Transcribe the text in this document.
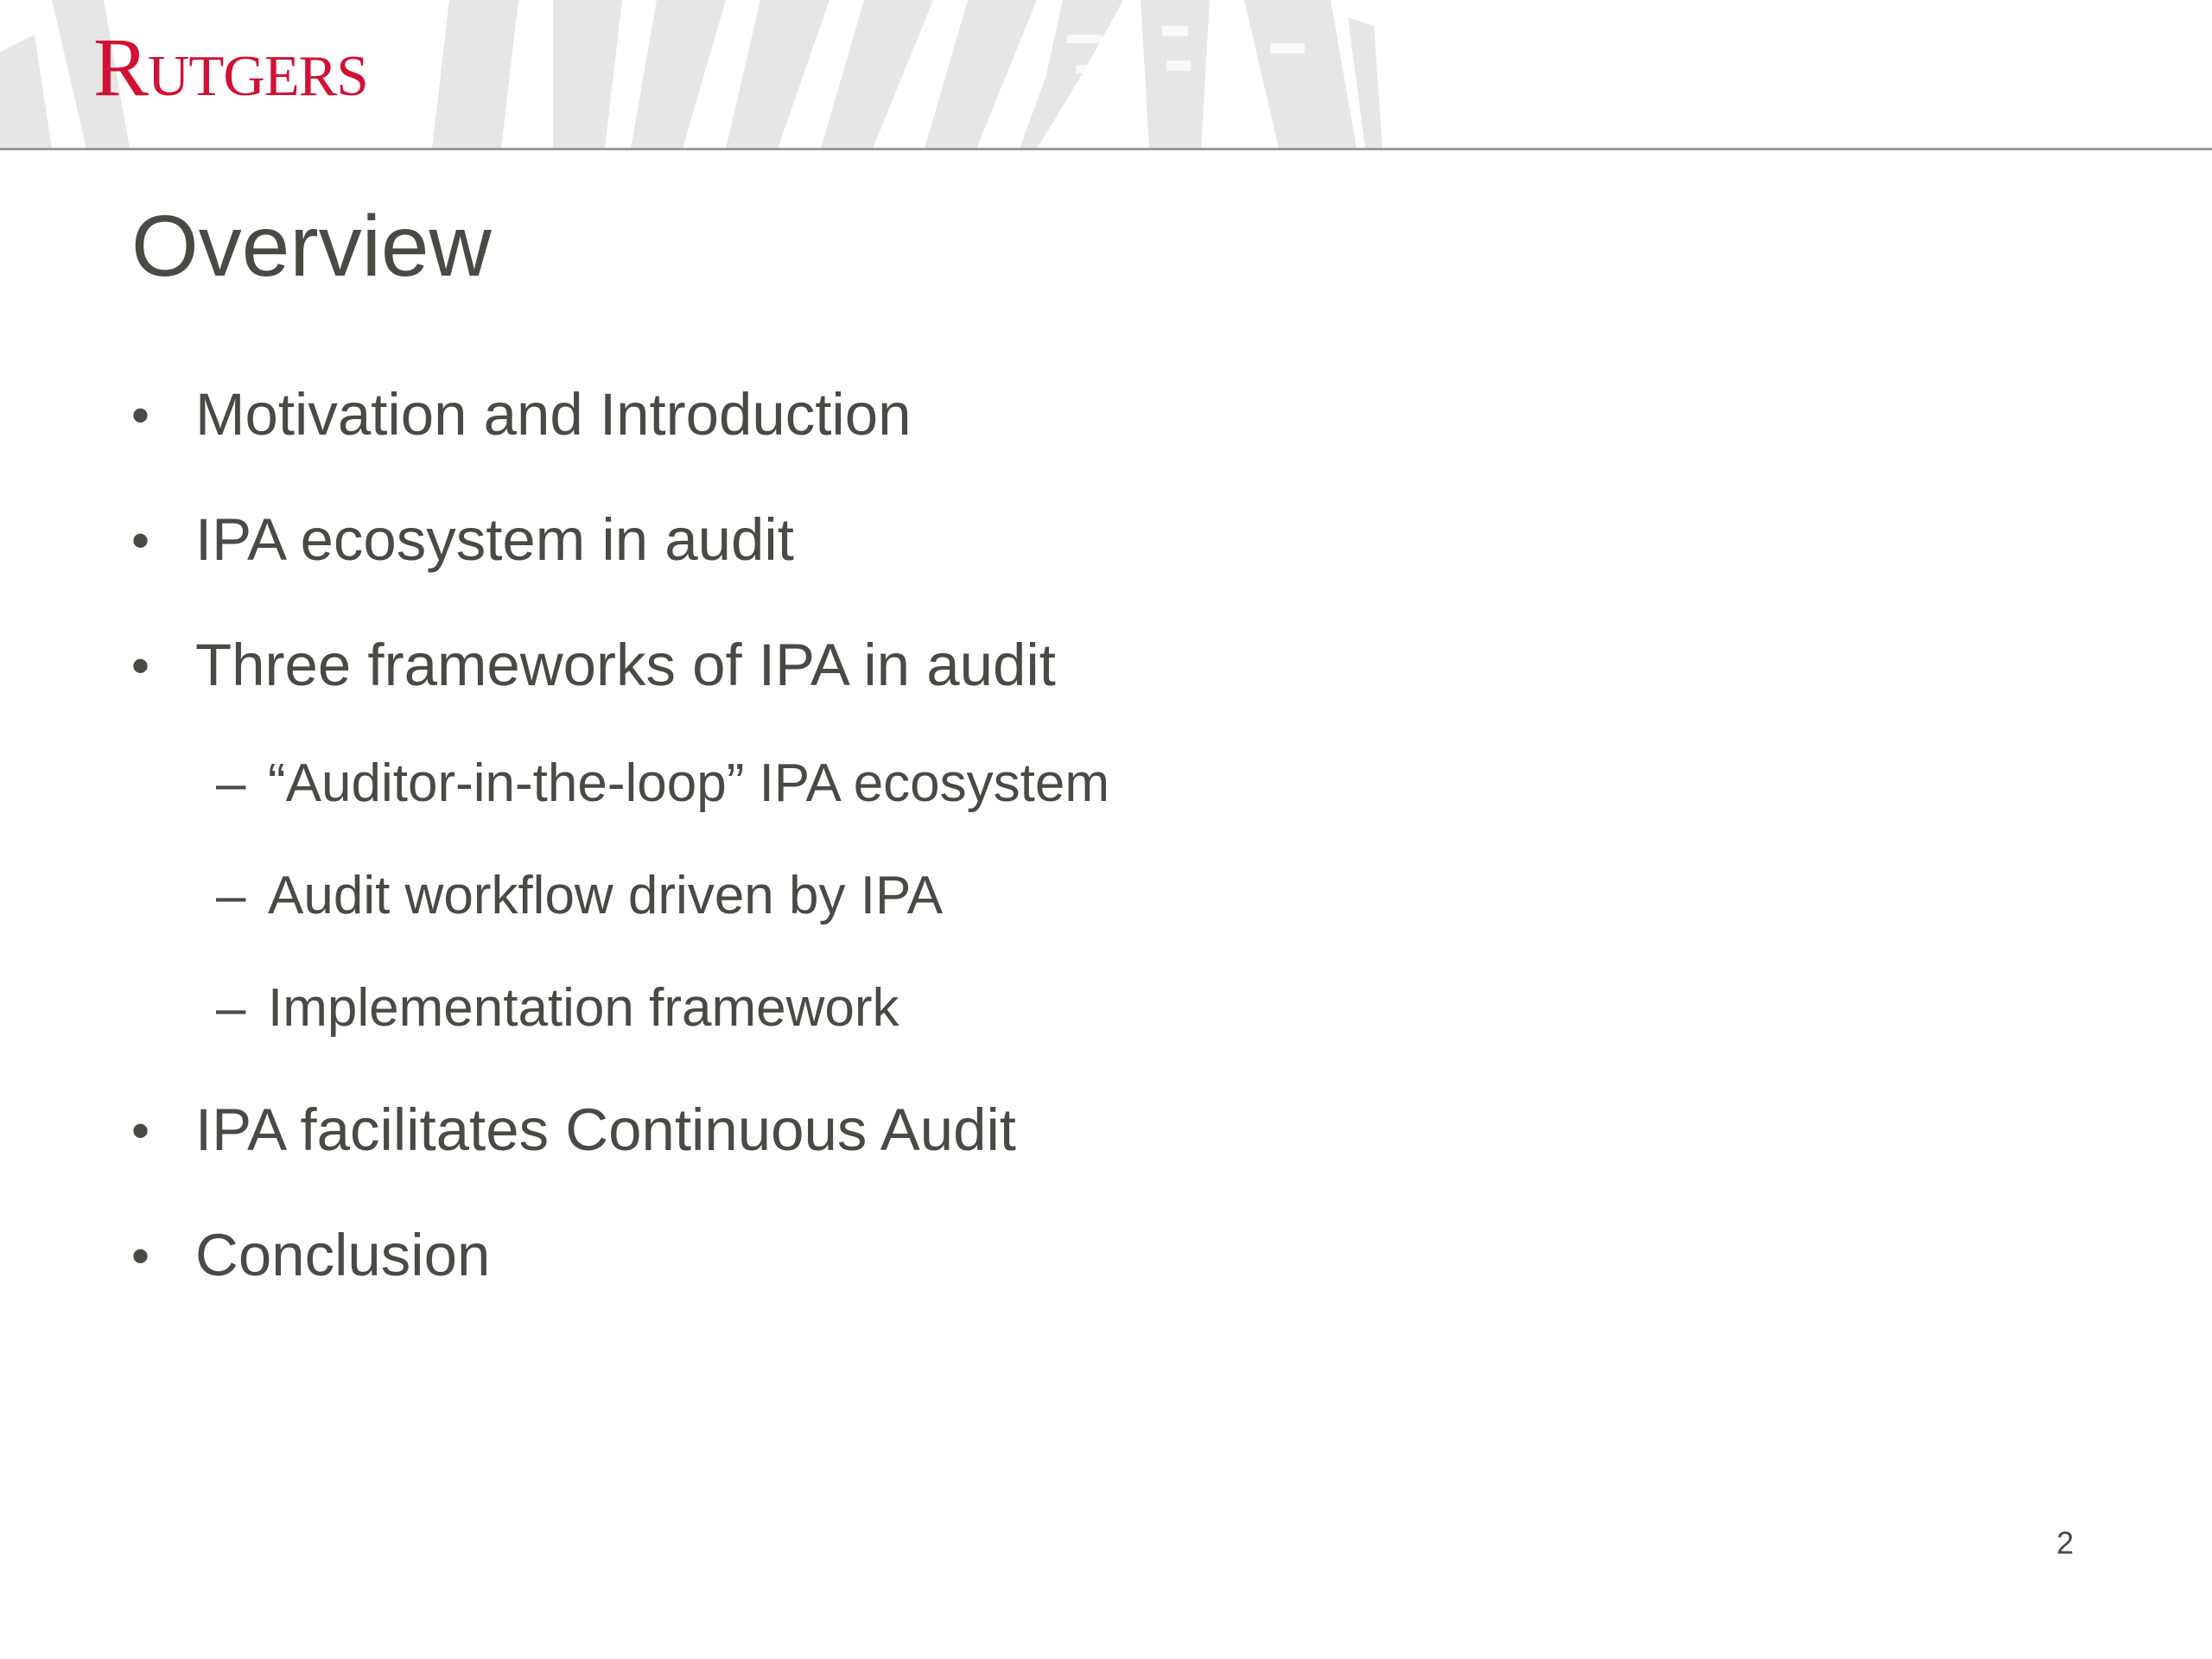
Rutgers
Overview
• Motivation and Introduction
• IPA ecosystem in audit
• Three frameworks of IPA in audit
– “Auditor-in-the-loop” IPA ecosystem
– Audit workflow driven by IPA
– Implementation framework
• IPA facilitates Continuous Audit
• Conclusion
2
